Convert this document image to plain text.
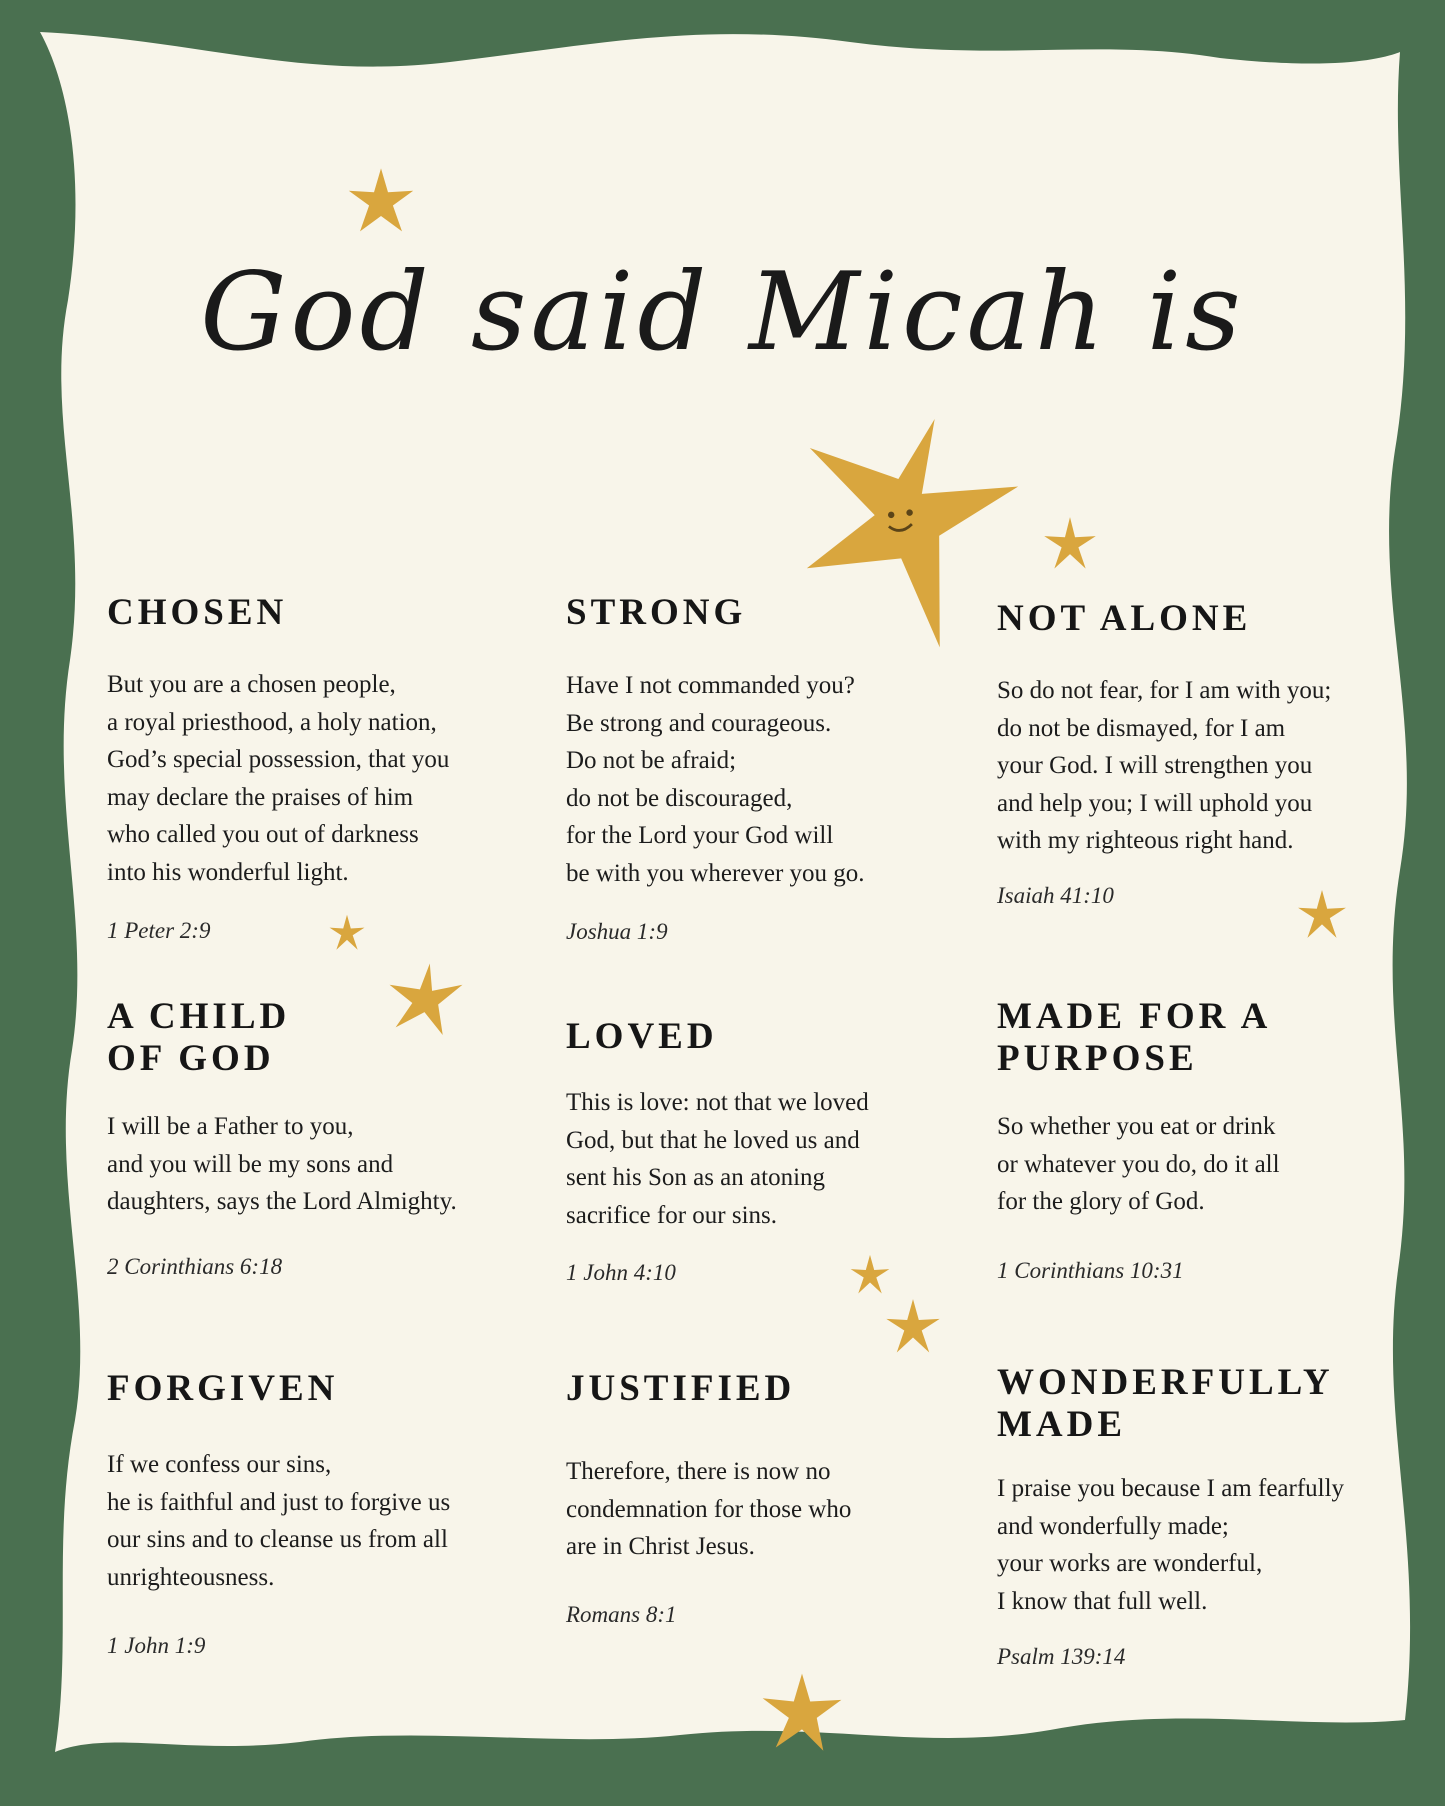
God said Micah is
CHOSEN

But you are a chosen people,
a royal priesthood, a holy nation,
God’s special possession, that you
may declare the praises of him
who called you out of darkness
into his wonderful light.

1 Peter 2:9
STRONG

Have I not commanded you?
Be strong and courageous.
Do not be afraid;
do not be discouraged,
for the Lord your God will
be with you wherever you go.

Joshua 1:9
NOT ALONE

So do not fear, for I am with you;
do not be dismayed, for I am
your God. I will strengthen you
and help you; I will uphold you
with my righteous right hand.

Isaiah 41:10
A CHILD
OF GOD

I will be a Father to you,
and you will be my sons and
daughters, says the Lord Almighty.

2 Corinthians 6:18
LOVED

This is love: not that we loved
God, but that he loved us and
sent his Son as an atoning
sacrifice for our sins.

1 John 4:10
MADE FOR A
PURPOSE

So whether you eat or drink
or whatever you do, do it all
for the glory of God.

1 Corinthians 10:31
FORGIVEN

If we confess our sins,
he is faithful and just to forgive us
our sins and to cleanse us from all
unrighteousness.

1 John 1:9
JUSTIFIED

Therefore, there is now no
condemnation for those who
are in Christ Jesus.

Romans 8:1
WONDERFULLY
MADE

I praise you because I am fearfully
and wonderfully made;
your works are wonderful,
I know that full well.

Psalm 139:14
